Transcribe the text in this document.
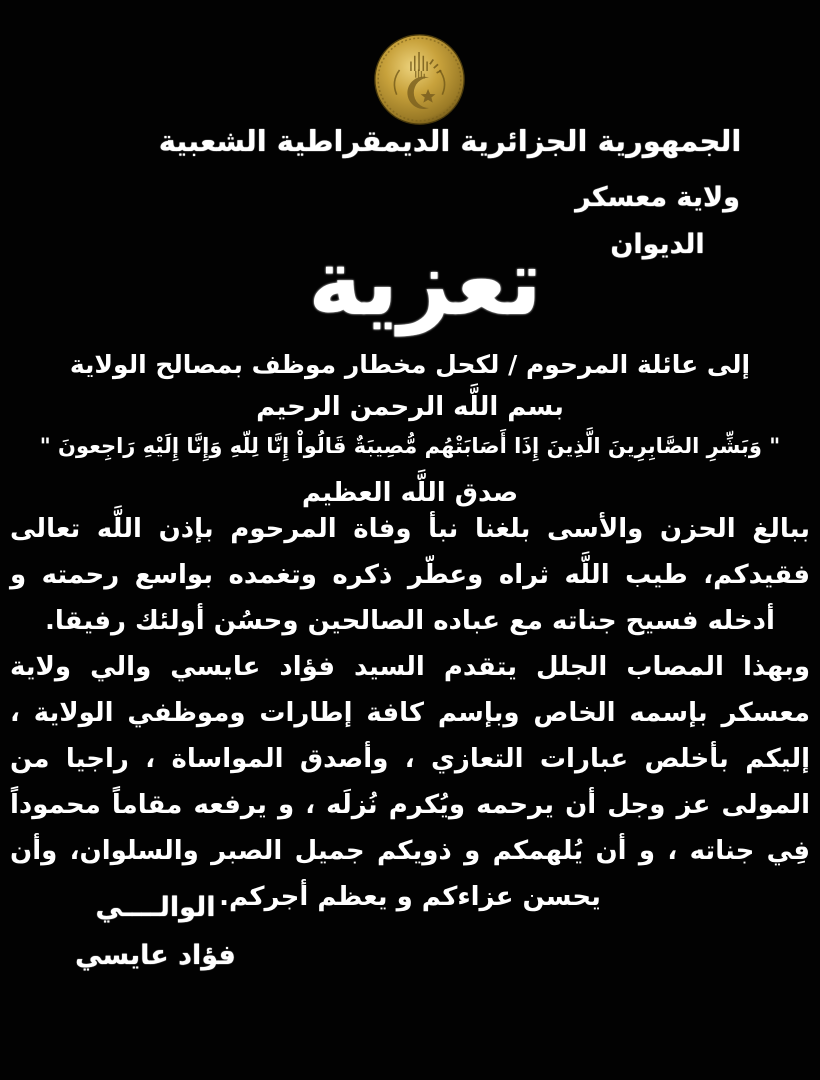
الجمهورية الجزائرية الديمقراطية الشعبية
ولاية معسكر
الديوان
تعزية
إلى عائلة المرحوم / لكحل مخطار موظف بمصالح الولاية
بسم اللَّه الرحمن الرحيم
" وَبَشِّرِ الصَّابِرِينَ الَّذِينَ إِذَا أَصَابَتْهُم مُّصِيبَةٌ قَالُواْ إِنَّا لِلّهِ وَإِنَّا إِلَيْهِ رَاجِعونَ "
صدق اللَّه العظيم

ببالغ الحزن والأسى بلغنا نبأ وفاة المرحوم بإذن اللَّه تعالى فقيدكم، طيب اللَّه ثراه وعطّر ذكره وتغمده بواسع رحمته و أدخله فسيح جناته مع عباده الصالحين وحسُن أولئك رفيقا.

وبهذا المصاب الجلل يتقدم السيد فؤاد عايسي والي ولاية معسكر بإسمه الخاص وبإسم كافة إطارات وموظفي الولاية ، إليكم بأخلص عبارات التعازي ، وأصدق المواساة ، راجيا من المولى عز وجل أن يرحمه ويُكرم نُزلَه ، و يرفعه مقاماً محموداً فِي جناته ، و أن يُلهمكم و ذويكم جميل الصبر والسلوان، وأن يحسن عزاءكم و يعظم أجركم.

الوالــــي
فؤاد عايسي
